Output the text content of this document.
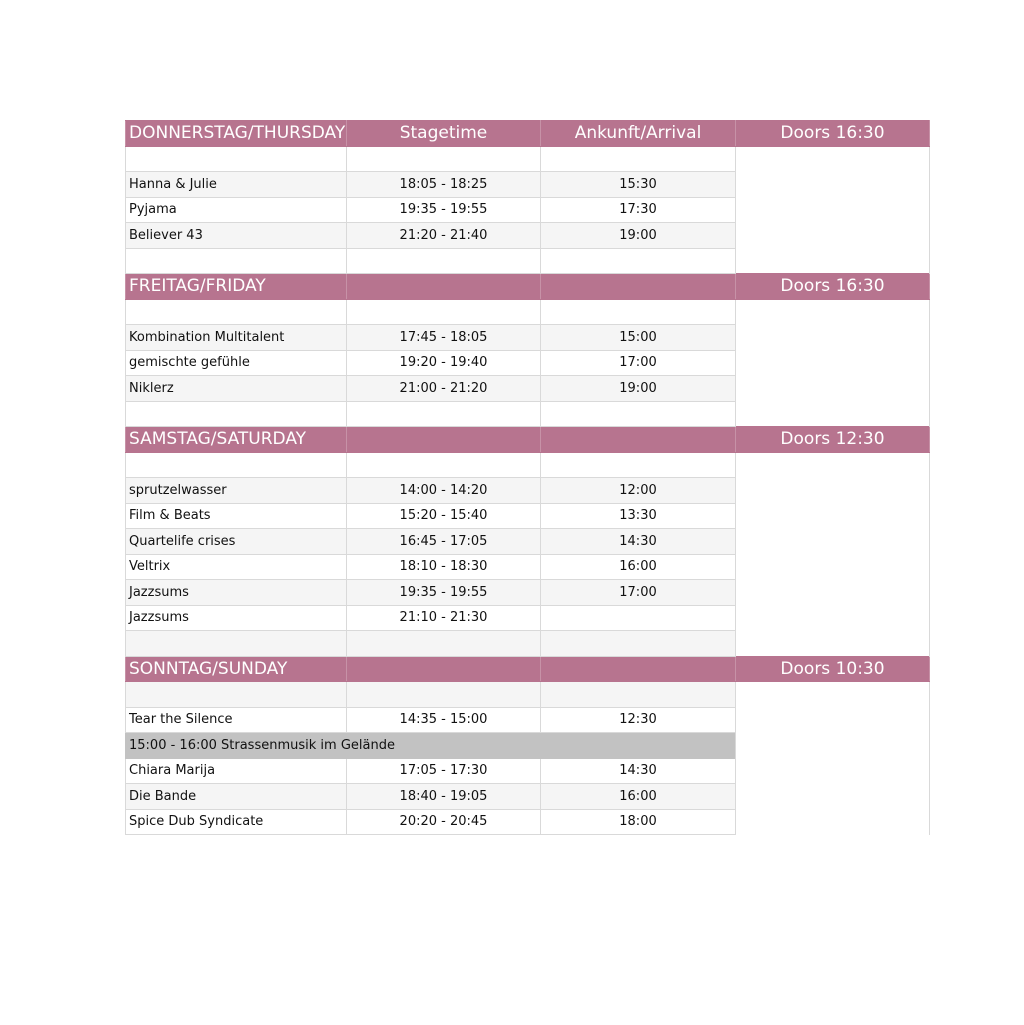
DONNERSTAG/THURSDAY	Stagetime	Ankunft/Arrival	Doors 16:30

Hanna & Julie	18:05 - 18:25	15:30	
Pyjama	19:35 - 19:55	17:30	
Believer 43	21:20 - 21:40	19:00	

FREITAG/FRIDAY			Doors 16:30

Kombination Multitalent	17:45 - 18:05	15:00	
gemischte gefühle	19:20 - 19:40	17:00	
Niklerz	21:00 - 21:20	19:00	

SAMSTAG/SATURDAY			Doors 12:30

sprutzelwasser	14:00 - 14:20	12:00	
Film & Beats	15:20 - 15:40	13:30	
Quartelife crises	16:45 - 17:05	14:30	
Veltrix	18:10 - 18:30	16:00	
Jazzsums	19:35 - 19:55	17:00	
Jazzsums	21:10 - 21:30		

SONNTAG/SUNDAY			Doors 10:30

Tear the Silence	14:35 - 15:00	12:30	
15:00 - 16:00 Strassenmusik im Gelände			
Chiara Marija	17:05 - 17:30	14:30	
Die Bande	18:40 - 19:05	16:00	
Spice Dub Syndicate	20:20 - 20:45	18:00	
